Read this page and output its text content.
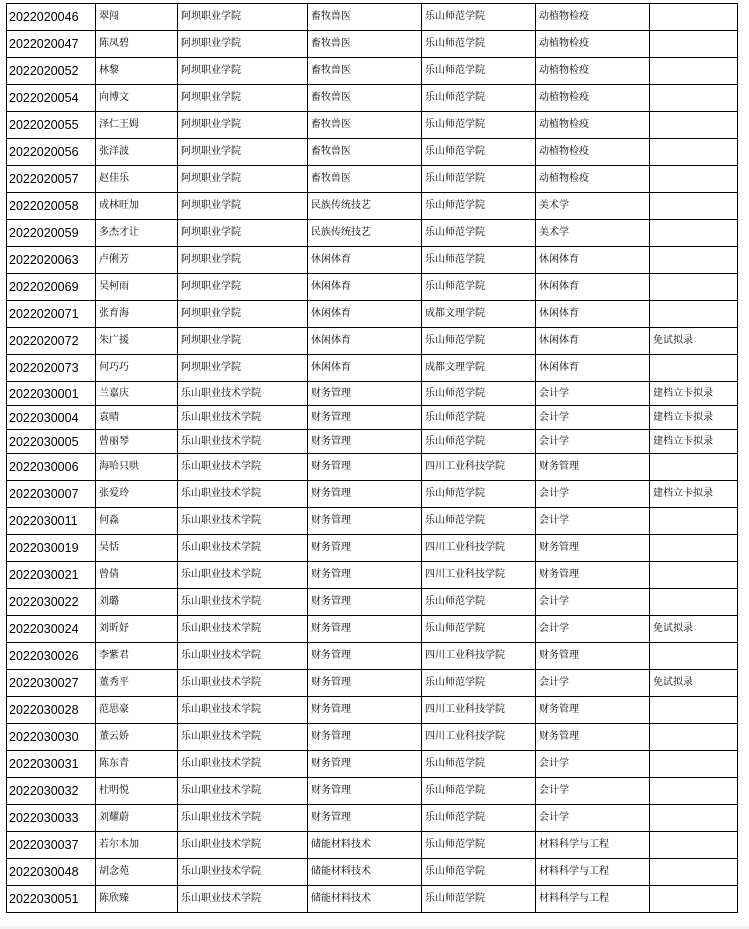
2022020046	翠闯	阿坝职业学院	畜牧兽医	乐山师范学院	动植物检疫	
2022020047	陈凤碧	阿坝职业学院	畜牧兽医	乐山师范学院	动植物检疫	
2022020052	林黎	阿坝职业学院	畜牧兽医	乐山师范学院	动植物检疫	
2022020054	向博文	阿坝职业学院	畜牧兽医	乐山师范学院	动植物检疫	
2022020055	泽仁王姆	阿坝职业学院	畜牧兽医	乐山师范学院	动植物检疫	
2022020056	张洋波	阿坝职业学院	畜牧兽医	乐山师范学院	动植物检疫	
2022020057	赵佳乐	阿坝职业学院	畜牧兽医	乐山师范学院	动植物检疫	
2022020058	成林旺加	阿坝职业学院	民族传统技艺	乐山师范学院	美术学	
2022020059	多杰才让	阿坝职业学院	民族传统技艺	乐山师范学院	美术学	
2022020063	卢俐芳	阿坝职业学院	休闲体育	乐山师范学院	休闲体育	
2022020069	吴柯雨	阿坝职业学院	休闲体育	乐山师范学院	休闲体育	
2022020071	张育海	阿坝职业学院	休闲体育	成都文理学院	休闲体育	
2022020072	朱广援	阿坝职业学院	休闲体育	乐山师范学院	休闲体育	免试拟录
2022020073	何巧巧	阿坝职业学院	休闲体育	成都文理学院	休闲体育	
2022030001	兰嘉庆	乐山职业技术学院	财务管理	乐山师范学院	会计学	建档立卡拟录
2022030004	袁晴	乐山职业技术学院	财务管理	乐山师范学院	会计学	建档立卡拟录
2022030005	曾丽琴	乐山职业技术学院	财务管理	乐山师范学院	会计学	建档立卡拟录
2022030006	海哈只哄	乐山职业技术学院	财务管理	四川工业科技学院	财务管理	
2022030007	张爱玲	乐山职业技术学院	财务管理	乐山师范学院	会计学	建档立卡拟录
2022030011	何淼	乐山职业技术学院	财务管理	乐山师范学院	会计学	
2022030019	吴恬	乐山职业技术学院	财务管理	四川工业科技学院	财务管理	
2022030021	曾倩	乐山职业技术学院	财务管理	四川工业科技学院	财务管理	
2022030022	刘璐	乐山职业技术学院	财务管理	乐山师范学院	会计学	
2022030024	刘昕妤	乐山职业技术学院	财务管理	乐山师范学院	会计学	免试拟录
2022030026	李紫君	乐山职业技术学院	财务管理	四川工业科技学院	财务管理	
2022030027	董秀平	乐山职业技术学院	财务管理	乐山师范学院	会计学	免试拟录
2022030028	范思豪	乐山职业技术学院	财务管理	四川工业科技学院	财务管理	
2022030030	董云娇	乐山职业技术学院	财务管理	四川工业科技学院	财务管理	
2022030031	陈东青	乐山职业技术学院	财务管理	乐山师范学院	会计学	
2022030032	杜明悦	乐山职业技术学院	财务管理	乐山师范学院	会计学	
2022030033	刘耀蔚	乐山职业技术学院	财务管理	乐山师范学院	会计学	
2022030037	若尔木加	乐山职业技术学院	储能材料技术	乐山师范学院	材料科学与工程	
2022030048	胡念苑	乐山职业技术学院	储能材料技术	乐山师范学院	材料科学与工程	
2022030051	陈欣臻	乐山职业技术学院	储能材料技术	乐山师范学院	材料科学与工程	
